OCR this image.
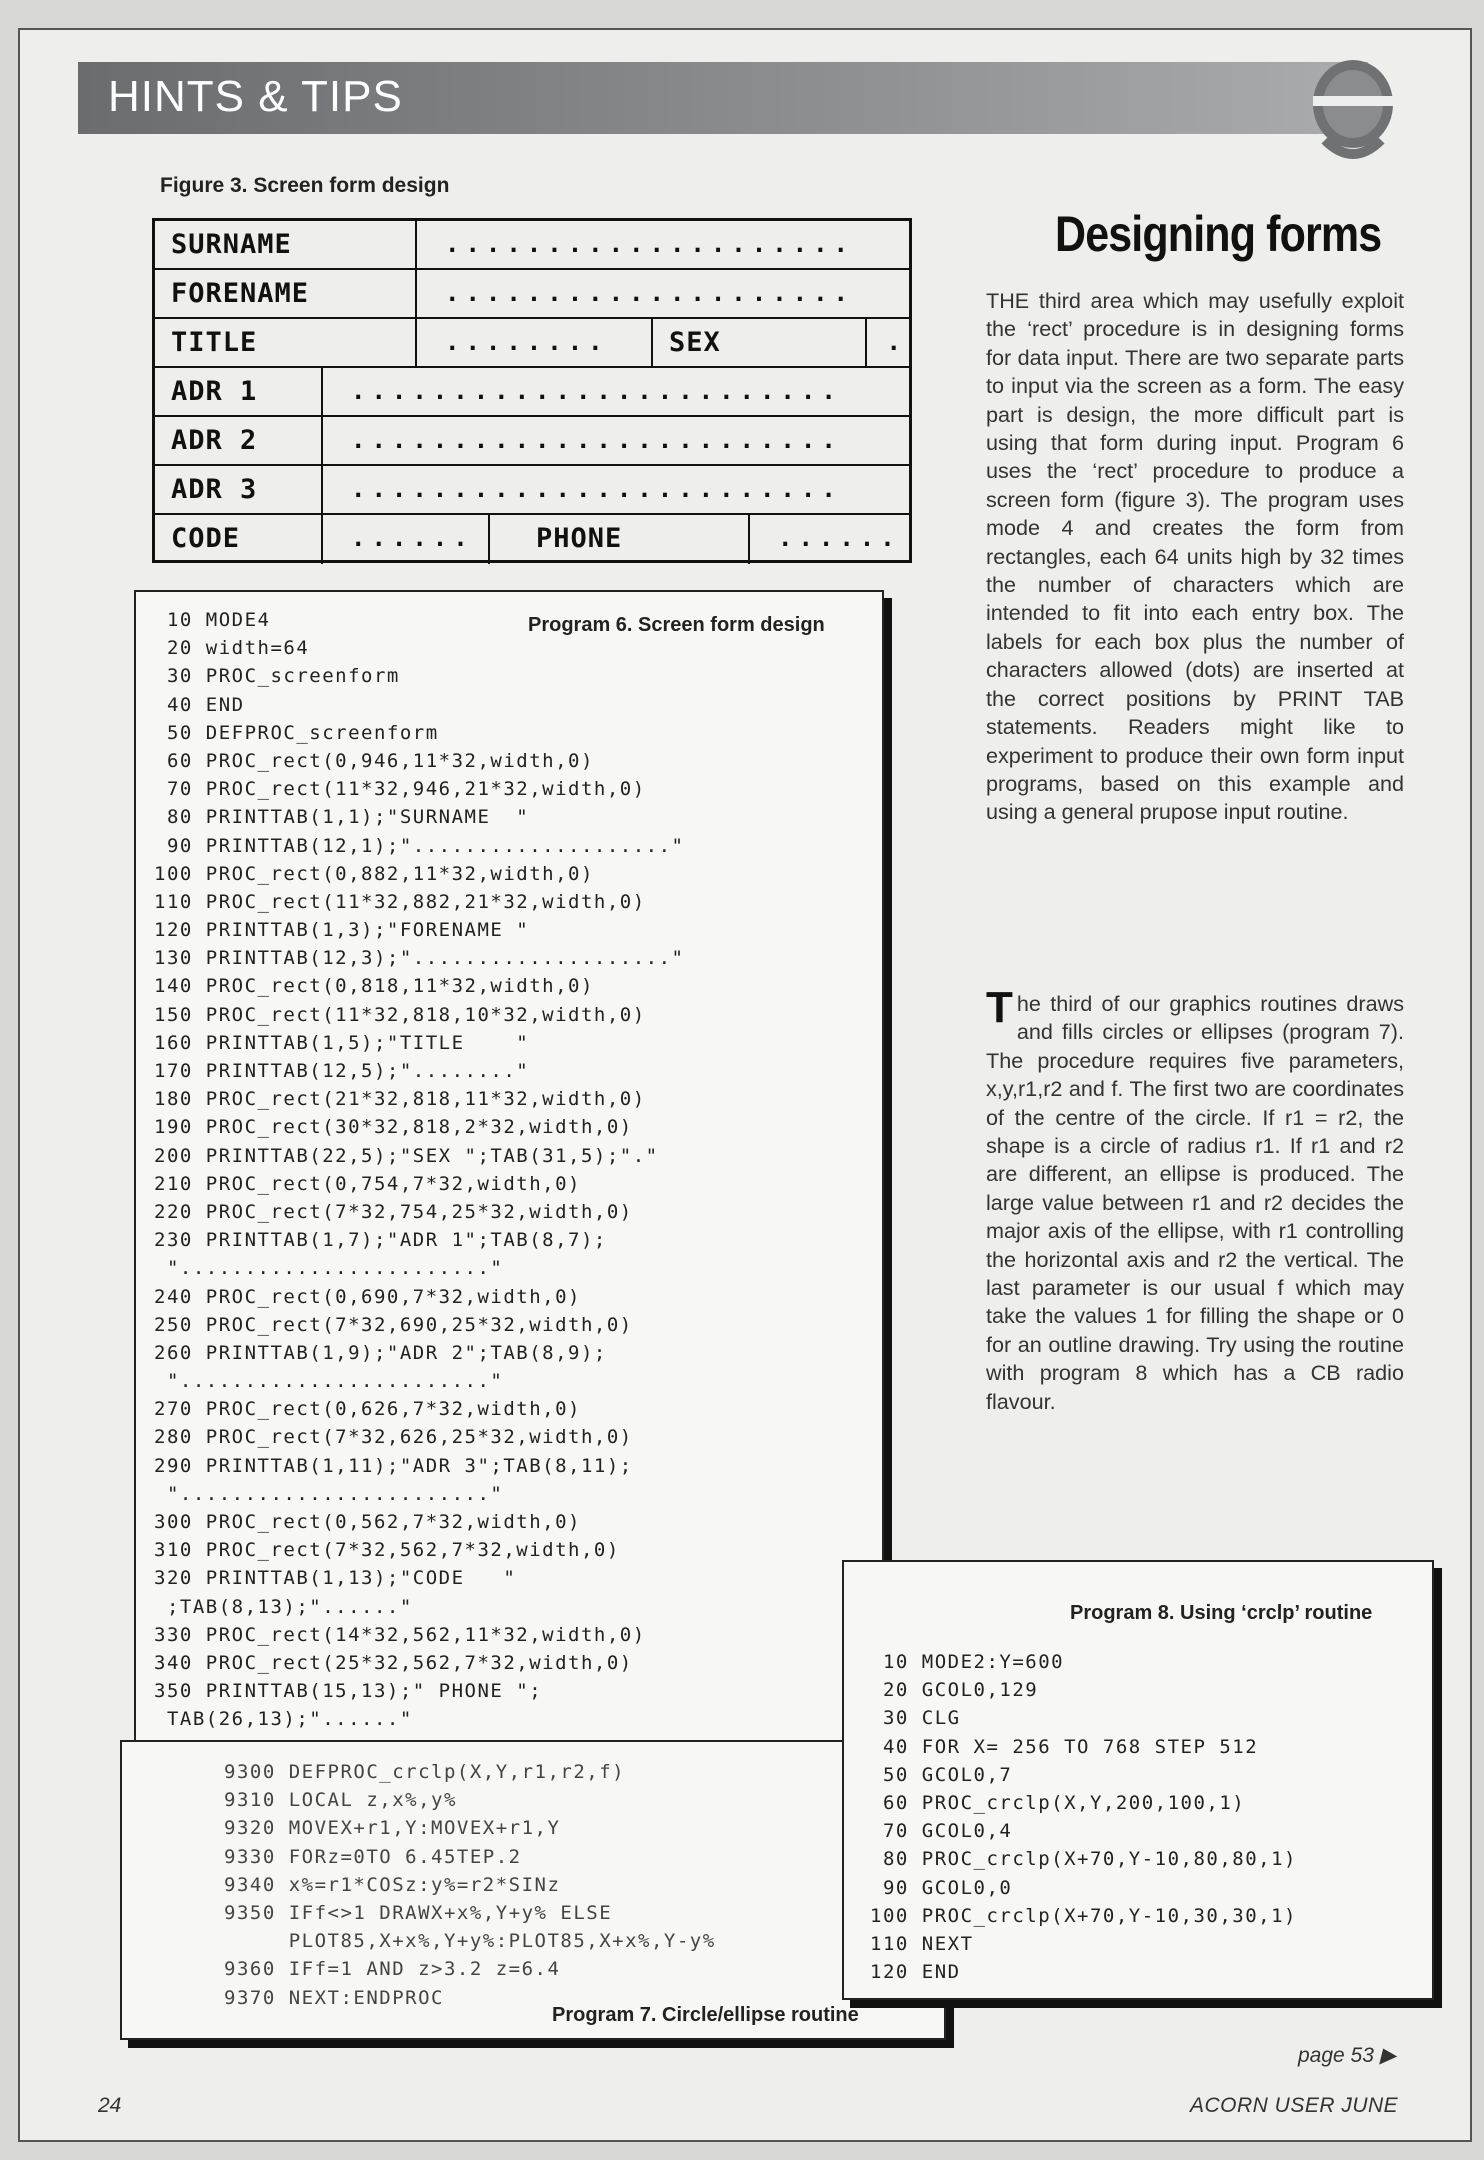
HINTS & TIPS
Figure 3. Screen form design
SURNAME	....................
FORENAME	....................
TITLE	........	SEX	.
ADR 1	........................
ADR 2	........................
ADR 3	........................
CODE	......	PHONE	......
Program 6. Screen form design
10 MODE4
20 width=64
30 PROC_screenform
40 END
50 DEFPROC_screenform
60 PROC_rect(0,946,11*32,width,0)
70 PROC_rect(11*32,946,21*32,width,0)
80 PRINTTAB(1,1);"SURNAME  "
90 PRINTTAB(12,1);"...................."
100 PROC_rect(0,882,11*32,width,0)
110 PROC_rect(11*32,882,21*32,width,0)
120 PRINTTAB(1,3);"FORENAME "
130 PRINTTAB(12,3);"...................."
140 PROC_rect(0,818,11*32,width,0)
150 PROC_rect(11*32,818,10*32,width,0)
160 PRINTTAB(1,5);"TITLE    "
170 PRINTTAB(12,5);"........"
180 PROC_rect(21*32,818,11*32,width,0)
190 PROC_rect(30*32,818,2*32,width,0)
200 PRINTTAB(22,5);"SEX ";TAB(31,5);"."
210 PROC_rect(0,754,7*32,width,0)
220 PROC_rect(7*32,754,25*32,width,0)
230 PRINTTAB(1,7);"ADR 1";TAB(8,7);
"........................"
240 PROC_rect(0,690,7*32,width,0)
250 PROC_rect(7*32,690,25*32,width,0)
260 PRINTTAB(1,9);"ADR 2";TAB(8,9);
"........................"
270 PROC_rect(0,626,7*32,width,0)
280 PROC_rect(7*32,626,25*32,width,0)
290 PRINTTAB(1,11);"ADR 3";TAB(8,11);
"........................"
300 PROC_rect(0,562,7*32,width,0)
310 PROC_rect(7*32,562,7*32,width,0)
320 PRINTTAB(1,13);"CODE   "
;TAB(8,13);"......"
330 PROC_rect(14*32,562,11*32,width,0)
340 PROC_rect(25*32,562,7*32,width,0)
350 PRINTTAB(15,13);" PHONE ";
TAB(26,13);"......"
9300 DEFPROC_crclp(X,Y,r1,r2,f)
9310 LOCAL z,x%,y%
9320 MOVEX+r1,Y:MOVEX+r1,Y
9330 FORz=0TO 6.45TEP.2
9340 x%=r1*COSz:y%=r2*SINz
9350 IFf<>1 DRAWX+x%,Y+y% ELSE
PLOT85,X+x%,Y+y%:PLOT85,X+x%,Y-y%
9360 IFf=1 AND z>3.2 z=6.4
9370 NEXT:ENDPROC
Program 7. Circle/ellipse routine
Program 8. Using ‘crclp’ routine
10 MODE2:Y=600
20 GCOL0,129
30 CLG
40 FOR X= 256 TO 768 STEP 512
50 GCOL0,7
60 PROC_crclp(X,Y,200,100,1)
70 GCOL0,4
80 PROC_crclp(X+70,Y-10,80,80,1)
90 GCOL0,0
100 PROC_crclp(X+70,Y-10,30,30,1)
110 NEXT
120 END
Designing forms

THE third area which may usefully exploit the ‘rect’ procedure is in designing forms for data input. There are two separate parts to input via the screen as a form. The easy part is design, the more difficult part is using that form during input. Program 6 uses the ‘rect’ procedure to produce a screen form (figure 3). The program uses mode 4 and creates the form from rectangles, each 64 units high by 32 times the number of characters which are intended to fit into each entry box. The labels for each box plus the number of characters allowed (dots) are inserted at the correct positions by PRINT TAB statements. Readers might like to experiment to produce their own form input programs, based on this example and using a general prupose input routine.

The third of our graphics routines draws and fills circles or ellipses (program 7). The procedure requires five parameters, x,y,r1,r2 and f. The first two are coordinates of the centre of the circle. If r1 = r2, the shape is a circle of radius r1. If r1 and r2 are different, an ellipse is produced. The large value between r1 and r2 decides the major axis of the ellipse, with r1 controlling the horizontal axis and r2 the vertical. The last parameter is our usual f which may take the values 1 for filling the shape or 0 for an outline drawing. Try using the routine with program 8 which has a CB radio flavour.

page 53 ▶
24	ACORN USER JUNE
